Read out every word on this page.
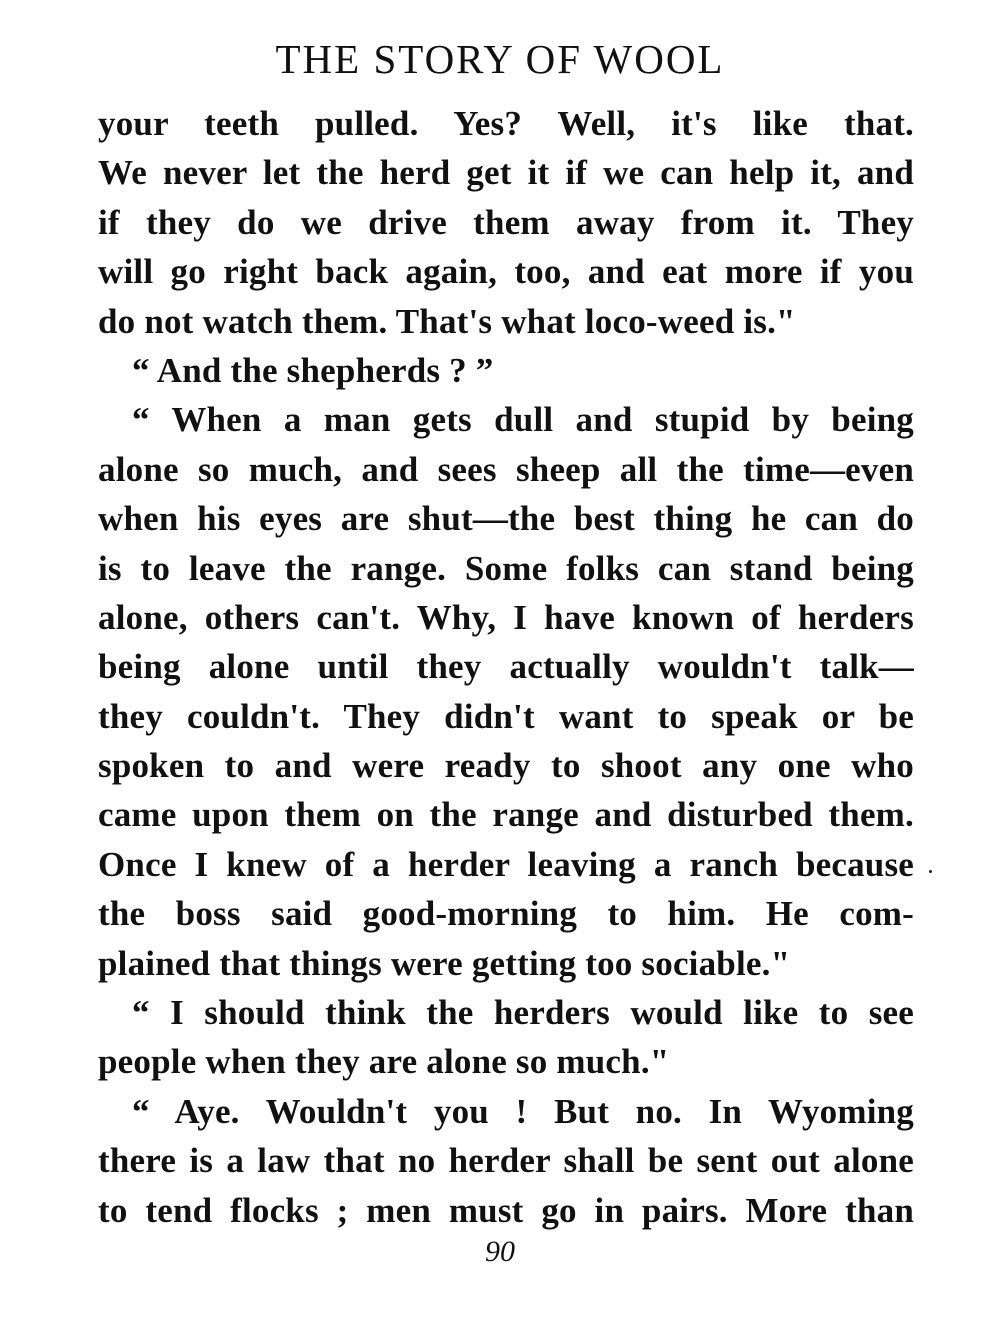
THE STORY OF WOOL
your teeth pulled. Yes? Well, it's like that.
We never let the herd get it if we can help it, and
if they do we drive them away from it. They
will go right back again, too, and eat more if you
do not watch them. That's what loco-weed is."
“ And the shepherds ? ”
“ When a man gets dull and stupid by being
alone so much, and sees sheep all the time—even
when his eyes are shut—the best thing he can do
is to leave the range. Some folks can stand being
alone, others can't. Why, I have known of herders
being alone until they actually wouldn't talk—
they couldn't. They didn't want to speak or be
spoken to and were ready to shoot any one who
came upon them on the range and disturbed them.
Once I knew of a herder leaving a ranch because
the boss said good-morning to him. He com-
plained that things were getting too sociable."
“ I should think the herders would like to see
people when they are alone so much."
“ Aye. Wouldn't you ! But no. In Wyoming
there is a law that no herder shall be sent out alone
to tend flocks ; men must go in pairs. More than
90
